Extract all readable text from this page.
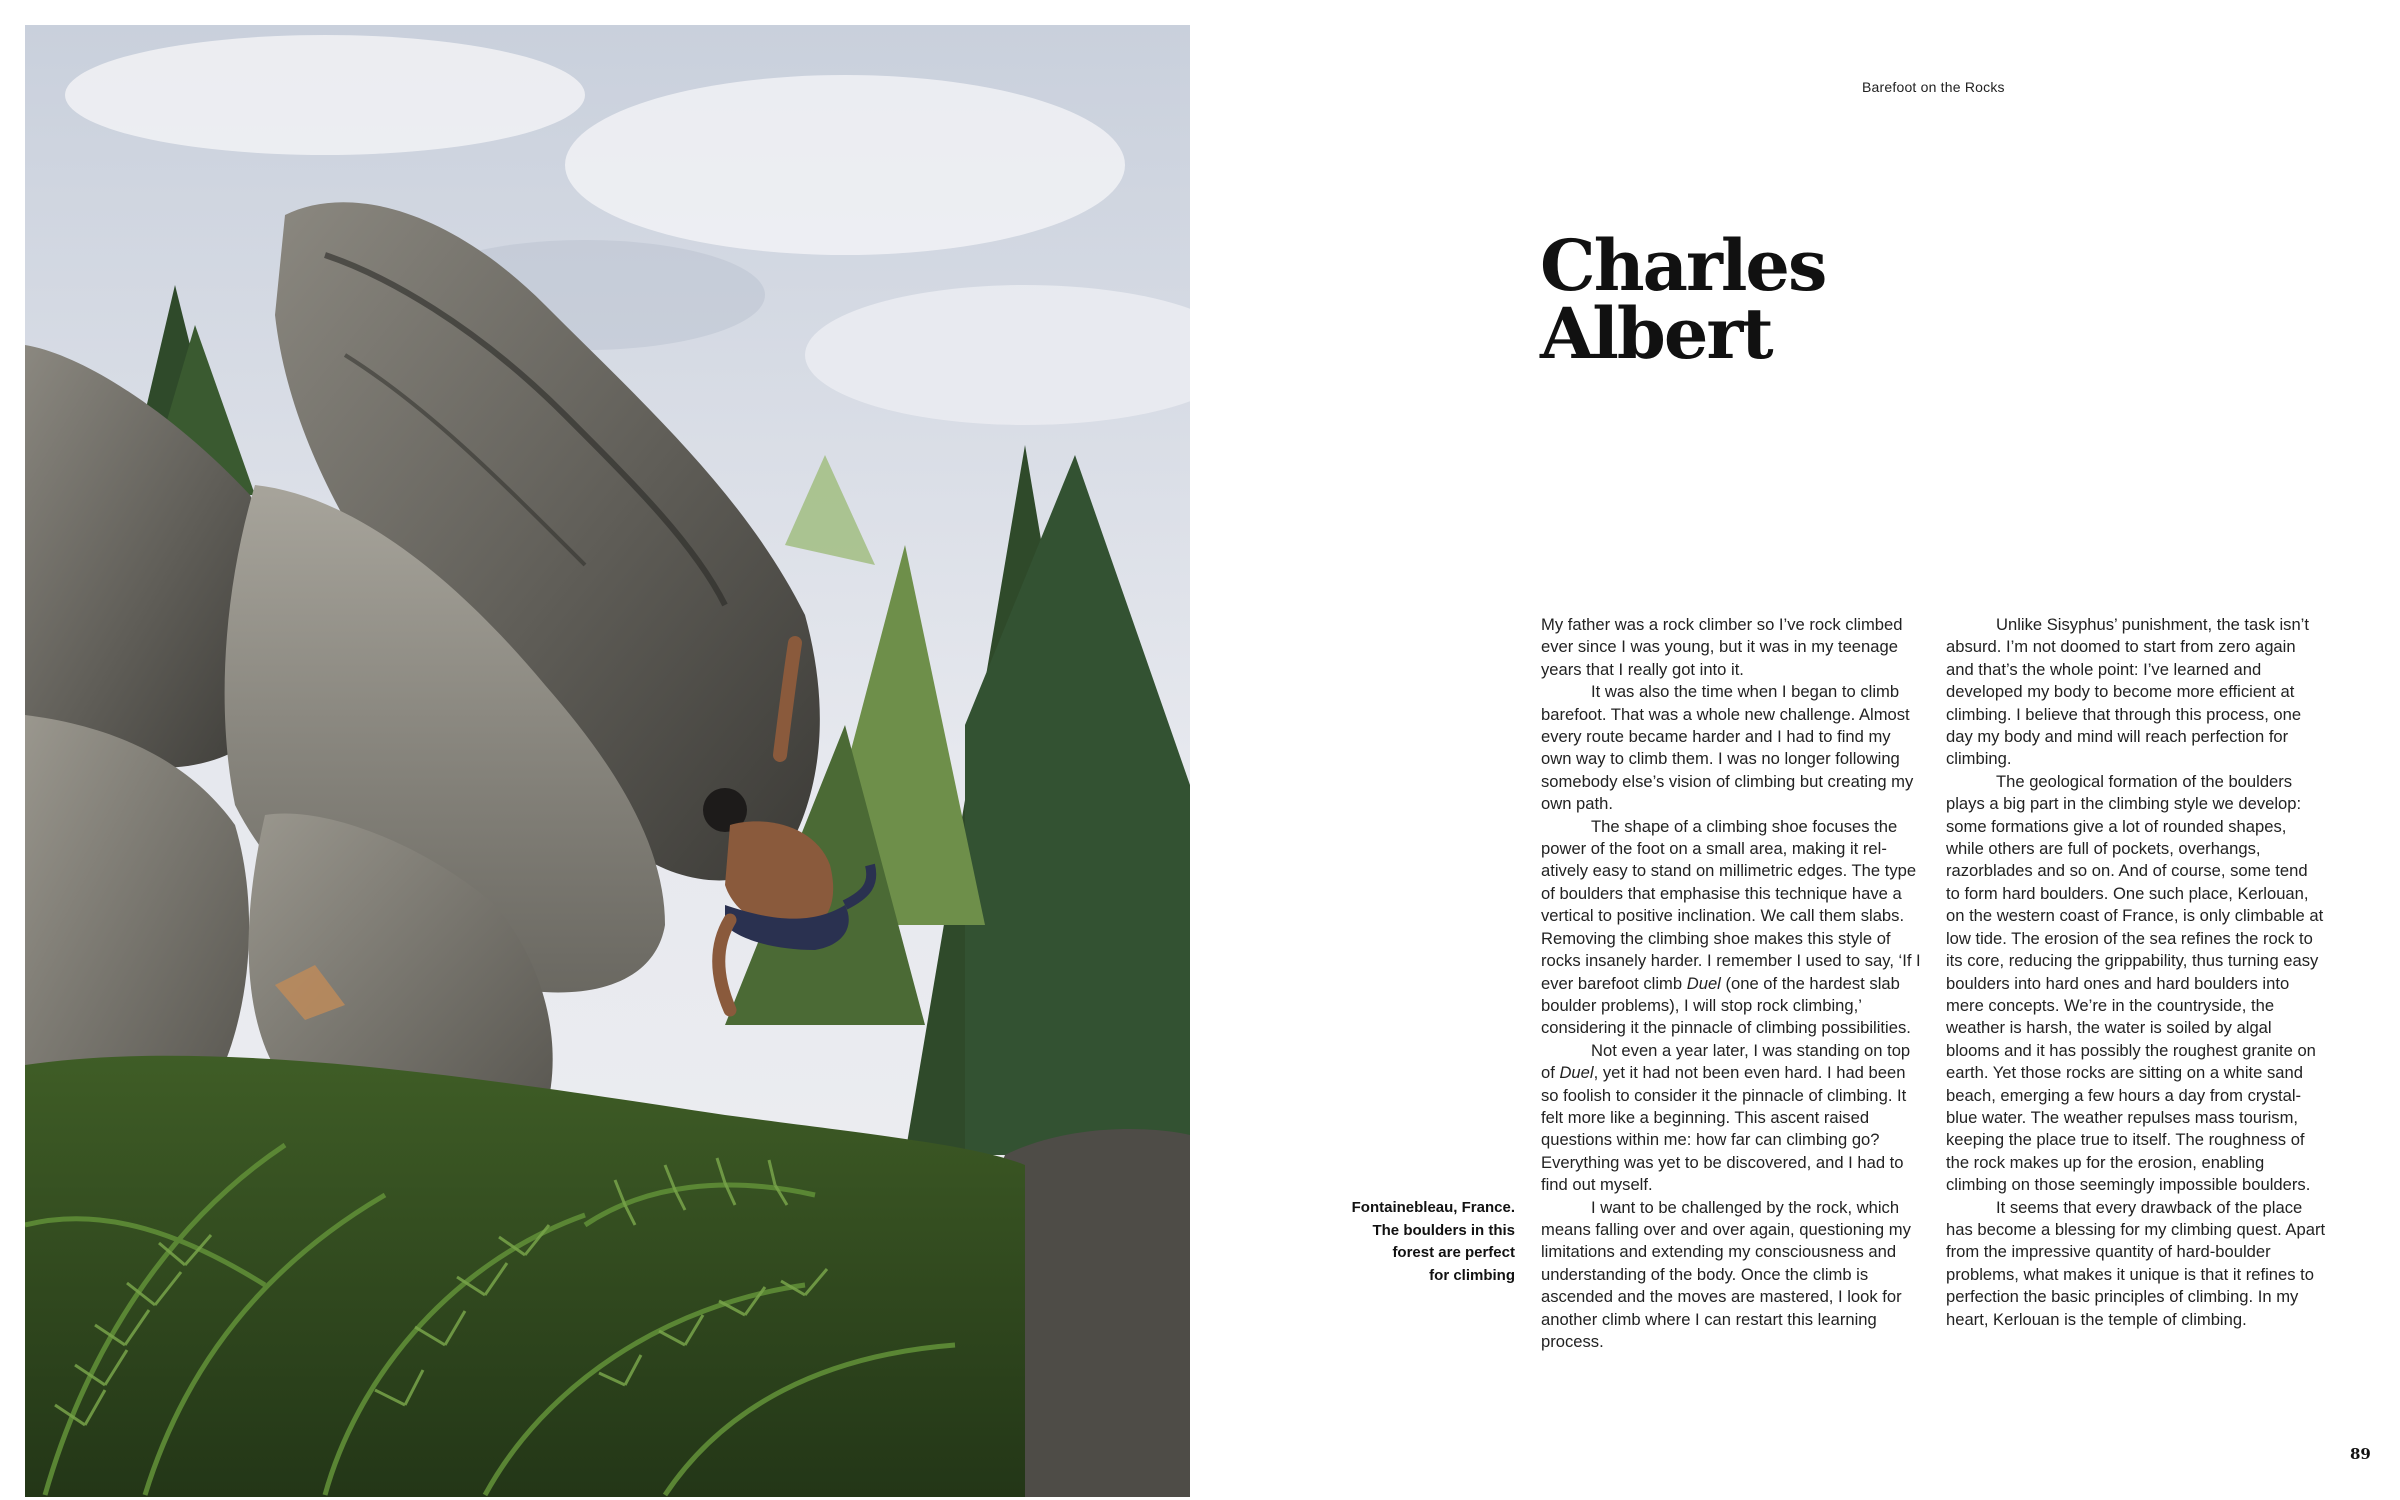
Barefoot on the Rocks
Charles
Albert
Fontainebleau, France.
The boulders in this
forest are perfect
for climbing

My father was a rock climber so I’ve rock climbed ever since I was young, but it was in my teenage years that I really got into it.

It was also the time when I began to climb barefoot. That was a whole new challenge. Almost every route became harder and I had to find my own way to climb them. I was no longer following somebody else’s vision of climbing but creating my own path.

The shape of a climbing shoe focuses the power of the foot on a small area, making it relatively easy to stand on millimetric edges. The type of boulders that emphasise this technique have a vertical to positive inclination. We call them slabs. Removing the climbing shoe makes this style of rocks insanely harder. I remember I used to say, ‘If I ever barefoot climb Duel (one of the hardest slab boulder problems), I will stop rock climbing,’ considering it the pinnacle of climbing possibilities.

Not even a year later, I was standing on top of Duel, yet it had not been even hard. I had been so foolish to consider it the pinnacle of climbing. It felt more like a beginning. This ascent raised questions within me: how far can climbing go? Everything was yet to be discovered, and I had to find out myself.

I want to be challenged by the rock, which means falling over and over again, questioning my limitations and extending my consciousness and understanding of the body. Once the climb is ascended and the moves are mastered, I look for another climb where I can restart this learning process.

Unlike Sisyphus’ punishment, the task isn’t absurd. I’m not doomed to start from zero again and that’s the whole point: I’ve learned and developed my body to become more efficient at climbing. I believe that through this process, one day my body and mind will reach perfection for climbing.

The geological formation of the boulders plays a big part in the climbing style we develop: some formations give a lot of rounded shapes, while others are full of pockets, overhangs, razorblades and so on. And of course, some tend to form hard boulders. One such place, Kerlouan, on the western coast of France, is only climbable at low tide. The erosion of the sea refines the rock to its core, reducing the grippability, thus turning easy boulders into hard ones and hard boulders into mere concepts. We’re in the countryside, the weather is harsh, the water is soiled by algal blooms and it has possibly the roughest granite on earth. Yet those rocks are sitting on a white sand beach, emerging a few hours a day from crystal-blue water. The weather repulses mass tourism, keeping the place true to itself. The roughness of the rock makes up for the erosion, enabling climbing on those seemingly impossible boulders.

It seems that every drawback of the place has become a blessing for my climbing quest. Apart from the impressive quantity of hard-boulder problems, what makes it unique is that it refines to perfection the basic principles of climbing. In my heart, Kerlouan is the temple of climbing.

89
